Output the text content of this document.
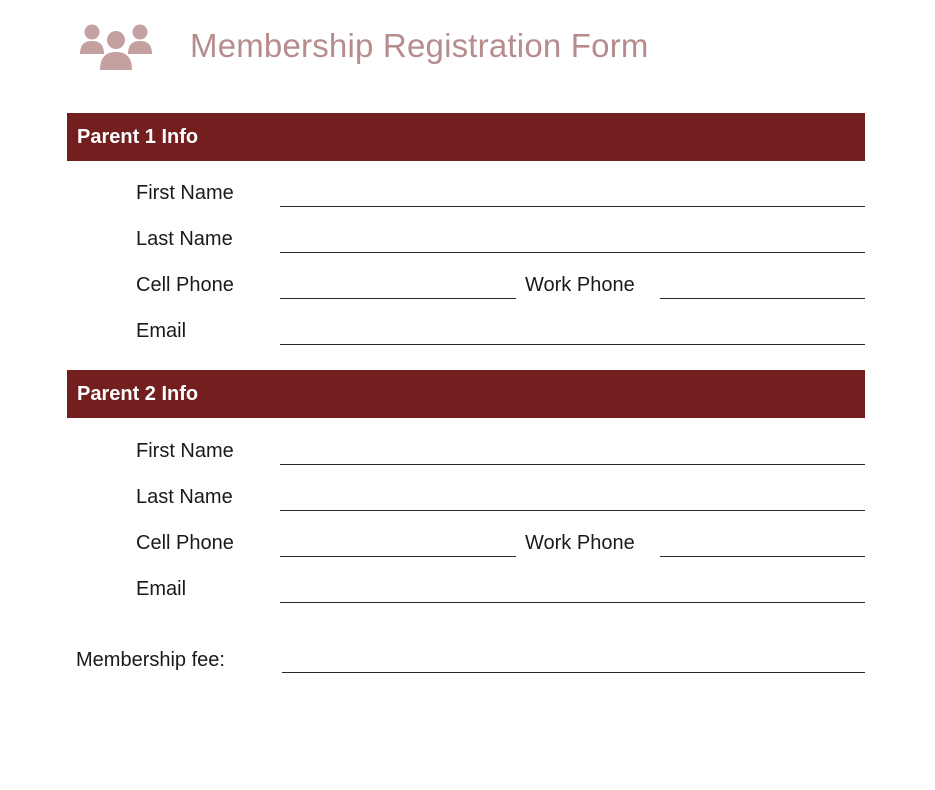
Membership Registration Form
Parent 1 Info
First Name
Last Name
Cell Phone	Work Phone
Email
Parent 2 Info
First Name
Last Name
Cell Phone	Work Phone
Email
Membership fee:
